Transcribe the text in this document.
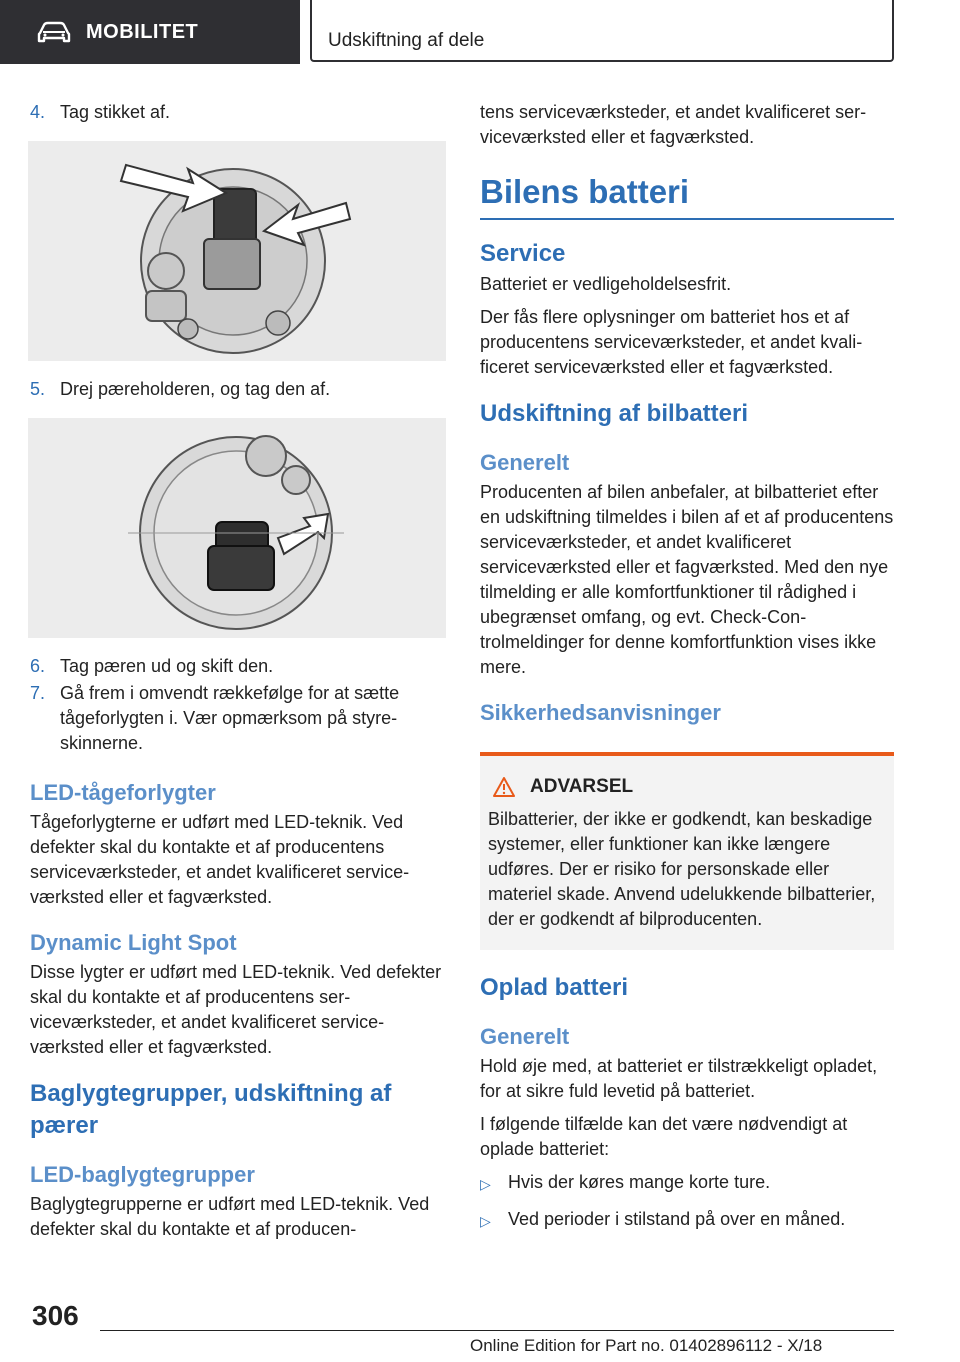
MOBILITET	Udskiftning af dele
4. Tag stikket af.
5. Drej pæreholderen, og tag den af.
6. Tag pæren ud og skift den.
7. Gå frem i omvendt rækkefølge for at sætte tågeforlygten i. Vær opmærksom på styreskinnerne.
LED-tågeforlygter

Tågeforlygterne er udført med LED-teknik. Ved defekter skal du kontakte et af producentens serviceværksteder, et andet kvalificeret serviceværksted eller et fagværksted.

Dynamic Light Spot

Disse lygter er udført med LED-teknik. Ved defekter skal du kontakte et af producentens serviceværksteder, et andet kvalificeret serviceværksted eller et fagværksted.

Baglygtegrupper, udskiftning af pærer
LED-baglygtegrupper

Baglygtegrupperne er udført med LED-teknik. Ved defekter skal du kontakte et af producen-

tens serviceværksteder, et andet kvalificeret serviceværksted eller et fagværksted.

Bilens batteri
Service

Batteriet er vedligeholdelsesfrit.

Der fås flere oplysninger om batteriet hos et af producentens serviceværksteder, et andet kvalificeret serviceværksted eller et fagværksted.

Udskiftning af bilbatteri
Generelt

Producenten af bilen anbefaler, at bilbatteriet efter en udskiftning tilmeldes i bilen af et af producentens serviceværksteder, et andet kvalificeret serviceværksted eller et fagværksted. Med den nye tilmelding er alle komfortfunktioner til rådighed i ubegrænset omfang, og evt. Check-Controlmeldinger for denne komfortfunktion vises ikke mere.

Sikkerhedsanvisninger
ADVARSEL

Bilbatterier, der ikke er godkendt, kan beskadige systemer, eller funktioner kan ikke længere udføres. Der er risiko for personskade eller materiel skade. Anvend udelukkende bilbatterier, der er godkendt af bilproducenten.

Oplad batteri
Generelt

Hold øje med, at batteriet er tilstrækkeligt opladet, for at sikre fuld levetid på batteriet.

I følgende tilfælde kan det være nødvendigt at oplade batteriet:

▷ Hvis der køres mange korte ture.
▷ Ved perioder i stilstand på over en måned.
306
Online Edition for Part no. 01402896112 - X/18
